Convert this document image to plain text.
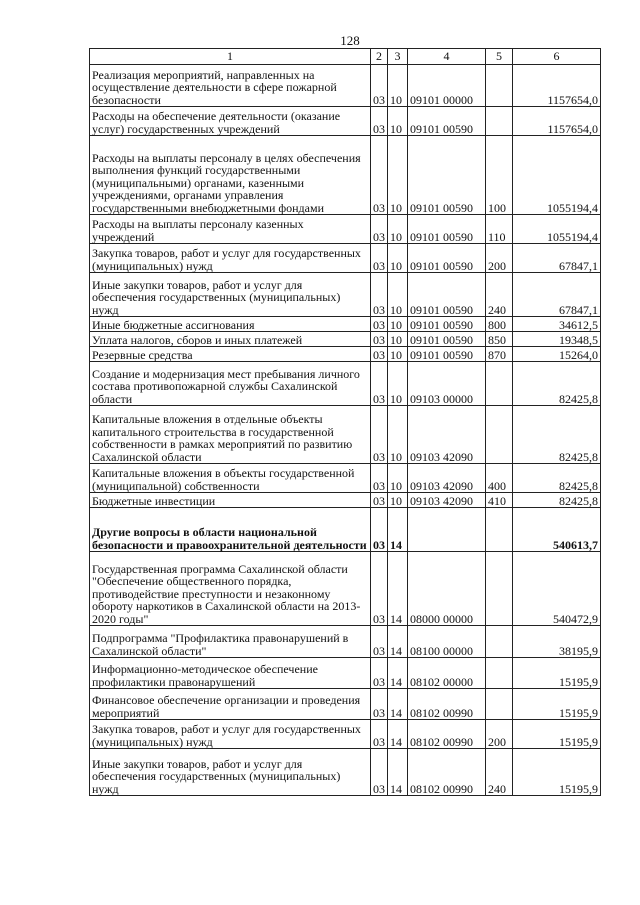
128
1	2	3	4	5	6
Реализация мероприятий, направленных на осуществление деятельности в сфере пожарной безопасности	03	10	09101 00000		1157654,0
Расходы на обеспечение деятельности (оказание услуг) государственных учреждений	03	10	09101 00590		1157654,0
Расходы на выплаты персоналу в целях обеспечения выполнения функций государственными (муниципальными) органами, казенными учреждениями, органами управления государственными внебюджетными фондами	03	10	09101 00590	100	1055194,4
Расходы на выплаты персоналу казенных учреждений	03	10	09101 00590	110	1055194,4
Закупка товаров, работ и услуг для государственных (муниципальных) нужд	03	10	09101 00590	200	67847,1
Иные закупки товаров, работ и услуг для обеспечения государственных (муниципальных) нужд	03	10	09101 00590	240	67847,1
Иные бюджетные ассигнования	03	10	09101 00590	800	34612,5
Уплата налогов, сборов и иных платежей	03	10	09101 00590	850	19348,5
Резервные средства	03	10	09101 00590	870	15264,0
Создание и модернизация мест пребывания личного состава противопожарной службы Сахалинской области	03	10	09103 00000		82425,8
Капитальные вложения в отдельные объекты капитального строительства в государственной собственности в рамках мероприятий по развитию Сахалинской области	03	10	09103 42090		82425,8
Капитальные вложения в объекты государственной (муниципальной) собственности	03	10	09103 42090	400	82425,8
Бюджетные инвестиции	03	10	09103 42090	410	82425,8
Другие вопросы в области национальной безопасности и правоохранительной деятельности	03	14			540613,7
Государственная программа Сахалинской области "Обеспечение общественного порядка, противодействие преступности и незаконному обороту наркотиков в Сахалинской области на 2013-2020 годы"	03	14	08000 00000		540472,9
Подпрограмма "Профилактика правонарушений в Сахалинской области"	03	14	08100 00000		38195,9
Информационно-методическое обеспечение профилактики правонарушений	03	14	08102 00000		15195,9
Финансовое обеспечение организации и проведения мероприятий	03	14	08102 00990		15195,9
Закупка товаров, работ и услуг для государственных (муниципальных) нужд	03	14	08102 00990	200	15195,9
Иные закупки товаров, работ и услуг для обеспечения государственных (муниципальных) нужд	03	14	08102 00990	240	15195,9
